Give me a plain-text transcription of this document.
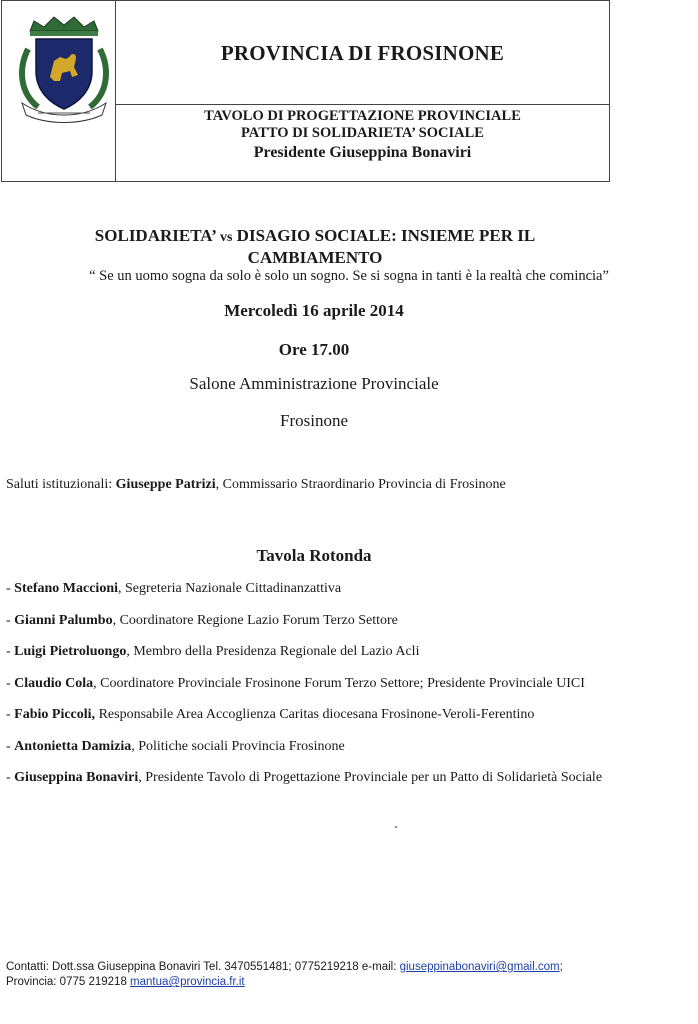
PROVINCIA DI FROSINONE
TAVOLO DI PROGETTAZIONE PROVINCIALE
PATTO DI SOLIDARIETA’ SOCIALE
Presidente Giuseppina Bonaviri
SOLIDARIETA’ vs DISAGIO SOCIALE: INSIEME PER IL CAMBIAMENTO
“ Se un uomo sogna da solo è solo un sogno. Se si sogna in tanti è la realtà che comincia”
Mercoledì 16 aprile 2014
Ore 17.00
Salone Amministrazione Provinciale
Frosinone
Saluti istituzionali: Giuseppe Patrizi, Commissario Straordinario Provincia di Frosinone
Tavola Rotonda
- Stefano Maccioni, Segreteria Nazionale Cittadinanzattiva
- Gianni Palumbo, Coordinatore Regione Lazio Forum Terzo Settore
- Luigi Pietroluongo, Membro della Presidenza Regionale del Lazio Acli
- Claudio Cola, Coordinatore Provinciale Frosinone Forum Terzo Settore; Presidente Provinciale UICI
- Fabio Piccoli, Responsabile Area Accoglienza Caritas diocesana Frosinone-Veroli-Ferentino
- Antonietta Damizia, Politiche sociali Provincia Frosinone
- Giuseppina Bonaviri, Presidente Tavolo di Progettazione Provinciale per un Patto di Solidarietà Sociale
Contatti: Dott.ssa Giuseppina Bonaviri Tel. 3470551481; 0775219218 e-mail: giuseppinabonaviri@gmail.com;
Provincia: 0775 219218 mantua@provincia.fr.it
